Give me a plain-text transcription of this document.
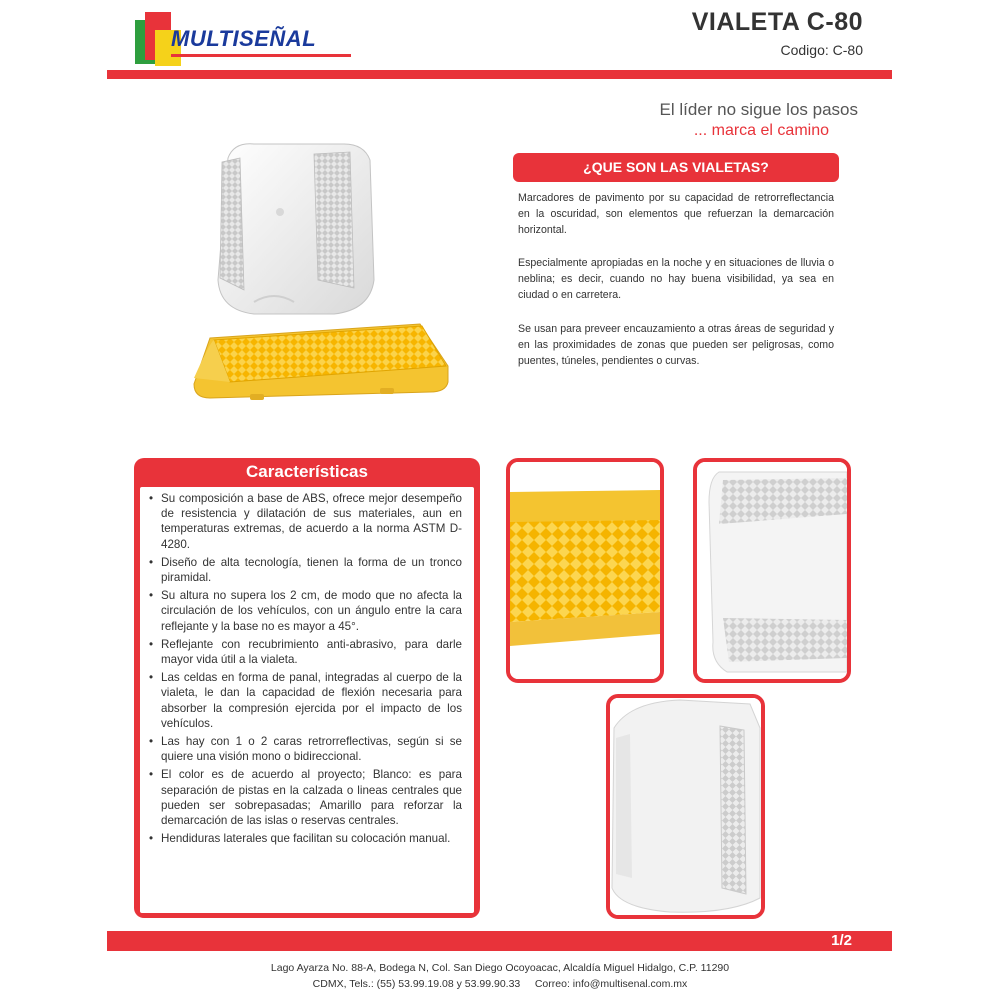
MULTISEÑAL
VIALETA C-80
Codigo: C-80
El líder no sigue los pasos
... marca el camino
¿QUE SON LAS VIALETAS?

Marcadores de pavimento por su capacidad de retrorreflectancia en la oscuridad, son elementos que refuerzan la demarcación horizontal.

Especialmente apropiadas en la noche y en situaciones de lluvia o neblina; es decir, cuando no hay buena visibilidad, ya sea en ciudad o en carretera.

Se usan para preveer encauzamiento a otras áreas de seguridad y en las proximidades de zonas que pueden ser peligrosas, como puentes, túneles, pendientes o curvas.

Características
• Su composición a base de ABS, ofrece mejor desempeño de resistencia y dilatación de sus materiales, aun en temperaturas extremas, de acuerdo a la norma ASTM D-4280.
• Diseño de alta tecnología, tienen la forma de un tronco piramidal.
• Su altura no supera los 2 cm, de modo que no afecta la circulación de los vehículos, con un ángulo entre la cara reflejante y la base no es mayor a 45°.
• Reflejante con recubrimiento anti-abrasivo, para darle mayor vida útil a la vialeta.
• Las celdas en forma de panal, integradas al cuerpo de la vialeta, le dan la capacidad de flexión necesaria para absorber la compresión ejercida por el impacto de los vehículos.
• Las hay con 1 o 2 caras retrorreflectivas, según si se quiere una visión mono o bidireccional.
• El color es de acuerdo al proyecto; Blanco: es para separación de pistas en la calzada o lineas centrales que pueden ser sobrepasadas; Amarillo para reforzar la demarcación de las islas o reservas centrales.
• Hendiduras laterales que facilitan su colocación manual.
1/2
Lago Ayarza No. 88-A, Bodega N, Col. San Diego Ocoyoacac, Alcaldía Miguel Hidalgo, C.P. 11290
CDMX, Tels.: (55) 53.99.19.08 y 53.99.90.33     Correo: info@multisenal.com.mx
